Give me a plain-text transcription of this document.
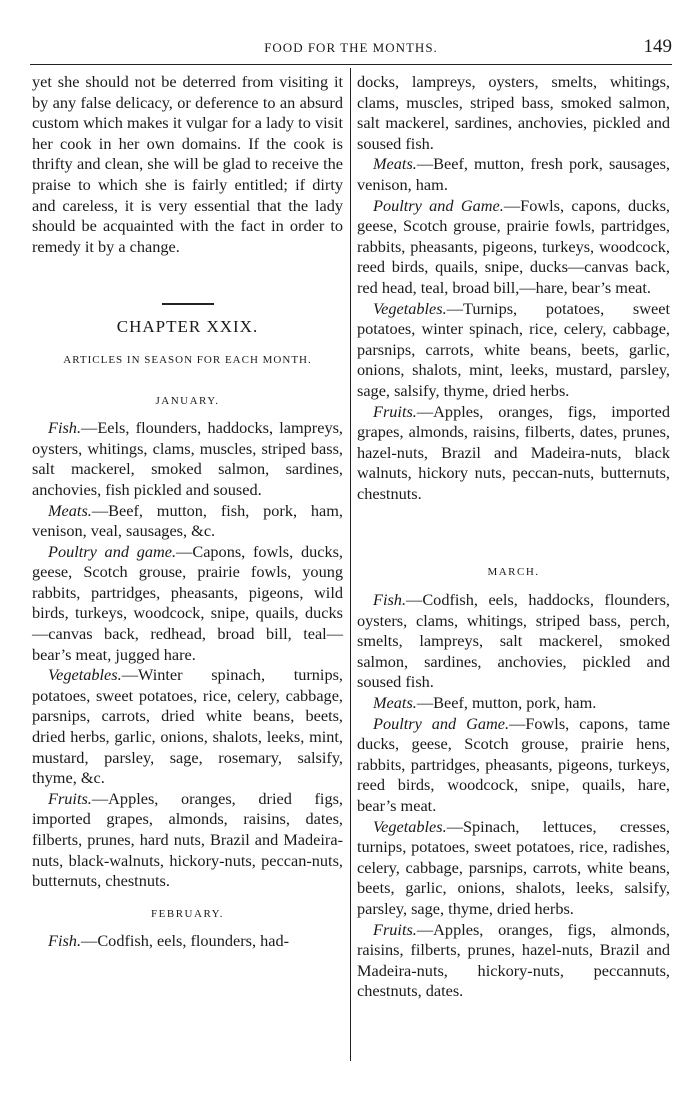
FOOD FOR THE MONTHS.	149

yet she should not be deterred from visiting it by any false delicacy, or deference to an absurd custom which makes it vulgar for a lady to visit her cook in her own domains. If the cook is thrifty and clean, she will be glad to receive the praise to which she is fairly entitled; if dirty and careless, it is very essential that the lady should be acquainted with the fact in order to remedy it by a change.

CHAPTER XXIX.

ARTICLES IN SEASON FOR EACH MONTH.

JANUARY.

Fish.—Eels, flounders, haddocks, lampreys, oysters, whitings, clams, muscles, striped bass, salt mackerel, smoked salmon, sardines, anchovies, fish pickled and soused.

Meats.—Beef, mutton, fish, pork, ham, venison, veal, sausages, &c.

Poultry and game.—Capons, fowls, ducks, geese, Scotch grouse, prairie fowls, young rabbits, partridges, pheasants, pigeons, wild birds, turkeys, woodcock, snipe, quails, ducks—canvas back, redhead, broad bill, teal—bear’s meat, jugged hare.

Vegetables.—Winter spinach, turnips, potatoes, sweet potatoes, rice, celery, cabbage, parsnips, carrots, dried white beans, beets, dried herbs, garlic, onions, shalots, leeks, mint, mustard, parsley, sage, rosemary, salsify, thyme, &c.

Fruits.—Apples, oranges, dried figs, imported grapes, almonds, raisins, dates, filberts, prunes, hard nuts, Brazil and Madeira-nuts, black-walnuts, hickory-nuts, peccan-nuts, butternuts, chestnuts.

FEBRUARY.

Fish.—Codfish, eels, flounders, had-

docks, lampreys, oysters, smelts, whitings, clams, muscles, striped bass, smoked salmon, salt mackerel, sardines, anchovies, pickled and soused fish.

Meats.—Beef, mutton, fresh pork, sausages, venison, ham.

Poultry and Game.—Fowls, capons, ducks, geese, Scotch grouse, prairie fowls, partridges, rabbits, pheasants, pigeons, turkeys, woodcock, reed birds, quails, snipe, ducks—canvas back, red head, teal, broad bill,—hare, bear’s meat.

Vegetables.—Turnips, potatoes, sweet potatoes, winter spinach, rice, celery, cabbage, parsnips, carrots, white beans, beets, garlic, onions, shalots, mint, leeks, mustard, parsley, sage, salsify, thyme, dried herbs.

Fruits.—Apples, oranges, figs, imported grapes, almonds, raisins, filberts, dates, prunes, hazel-nuts, Brazil and Madeira-nuts, black walnuts, hickory nuts, peccan-nuts, butternuts, chestnuts.

MARCH.

Fish.—Codfish, eels, haddocks, flounders, oysters, clams, whitings, striped bass, perch, smelts, lampreys, salt mackerel, smoked salmon, sardines, anchovies, pickled and soused fish.

Meats.—Beef, mutton, pork, ham.

Poultry and Game.—Fowls, capons, tame ducks, geese, Scotch grouse, prairie hens, rabbits, partridges, pheasants, pigeons, turkeys, reed birds, woodcock, snipe, quails, hare, bear’s meat.

Vegetables.—Spinach, lettuces, cresses, turnips, potatoes, sweet potatoes, rice, radishes, celery, cabbage, parsnips, carrots, white beans, beets, garlic, onions, shalots, leeks, salsify, parsley, sage, thyme, dried herbs.

Fruits.—Apples, oranges, figs, almonds, raisins, filberts, prunes, hazel-nuts, Brazil and Madeira-nuts, hickory-nuts, peccannuts, chestnuts, dates.
